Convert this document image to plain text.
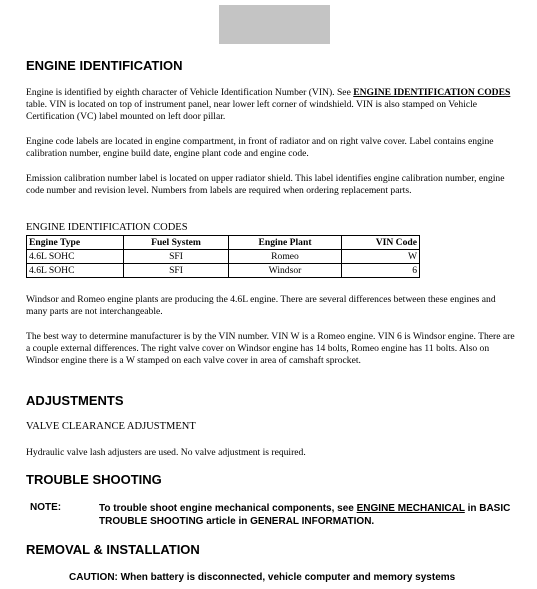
ENGINE IDENTIFICATION

Engine is identified by eighth character of Vehicle Identification Number (VIN). See ENGINE IDENTIFICATION CODES table. VIN is located on top of instrument panel, near lower left corner of windshield. VIN is also stamped on Vehicle Certification (VC) label mounted on left door pillar.

Engine code labels are located in engine compartment, in front of radiator and on right valve cover. Label contains engine calibration number, engine build date, engine plant code and engine code.

Emission calibration number label is located on upper radiator shield. This label identifies engine calibration number, engine code number and revision level. Numbers from labels are required when ordering replacement parts.

ENGINE IDENTIFICATION CODES
Engine Type	Fuel System	Engine Plant	VIN Code
4.6L SOHC	SFI	Romeo	W
4.6L SOHC	SFI	Windsor	6

Windsor and Romeo engine plants are producing the 4.6L engine. There are several differences between these engines and many parts are not interchangeable.

The best way to determine manufacturer is by the VIN number. VIN W is a Romeo engine. VIN 6 is Windsor engine. There are a couple external differences. The right valve cover on Windsor engine has 14 bolts, Romeo engine has 11 bolts. Also on Windsor engine there is a W stamped on each valve cover in area of camshaft sprocket.

ADJUSTMENTS
VALVE CLEARANCE ADJUSTMENT

Hydraulic valve lash adjusters are used. No valve adjustment is required.

TROUBLE SHOOTING
NOTE:	To trouble shoot engine mechanical components, see ENGINE MECHANICAL in BASIC TROUBLE SHOOTING article in GENERAL INFORMATION.
REMOVAL & INSTALLATION
CAUTION: When battery is disconnected, vehicle computer and memory systems
